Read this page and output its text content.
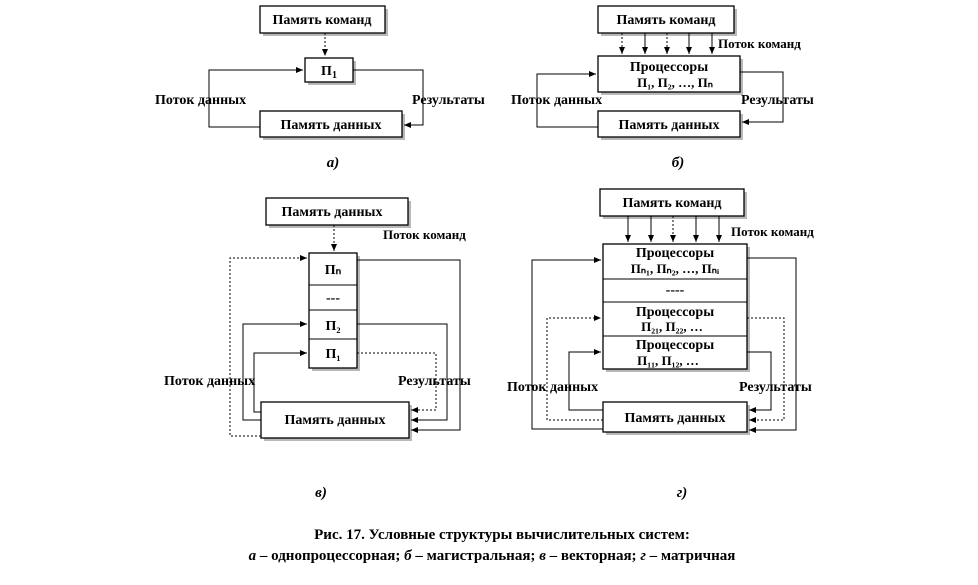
Память команд
$П_1$
Память данных
Поток данных	Результаты
а)
Память команд
Поток команд
Процессоры
П₁, П₂, …, Пₙ
Память данных
Поток данных	Результаты
б)
Память данных
Поток команд
Пₙ
---
П₂
П₁
Память данных
Поток данных	Результаты
в)
Память команд
Поток команд
Процессоры
Пₙ₁, Пₙ₂, …, Пₙᵢ
----
Процессоры
П₂₁, П₂₂, …
Процессоры
П₁₁, П₁₂, …
Память данных
Поток данных	Результаты
г)
Рис. 17. Условные структуры вычислительных систем:
а – однопроцессорная; б – магистральная; в – векторная; г – матричная
